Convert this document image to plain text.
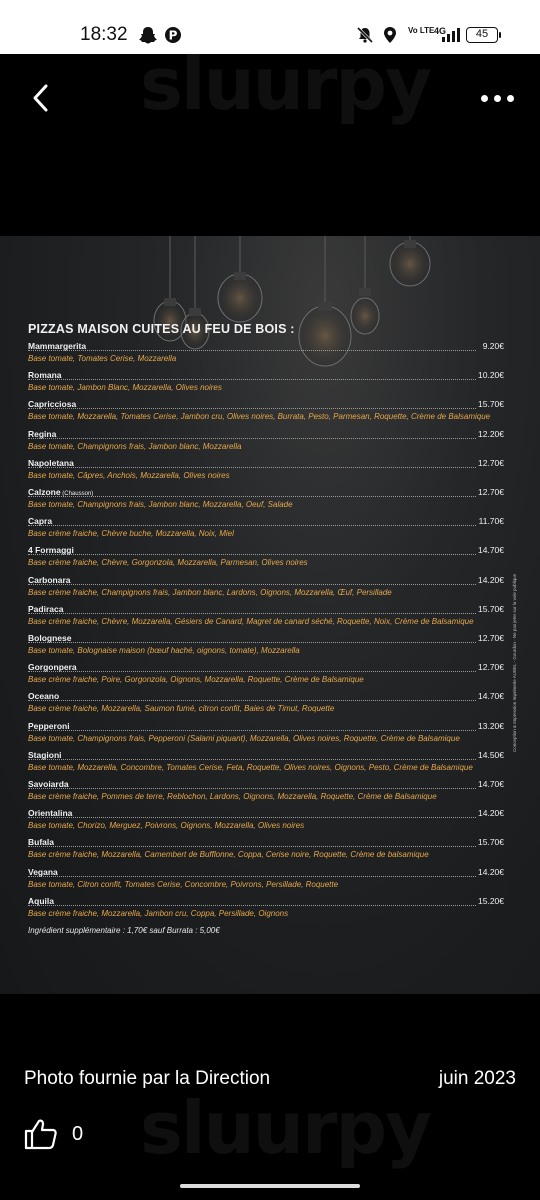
18:32	P	Vo LTE 4G	45
sluurpy
PIZZAS MAISON CUITES AU FEU DE BOIS :
Mammargerita	9.20€
Base tomate, Tomates Cerise, Mozzarella
Romana	10.20€
Base tomate, Jambon Blanc, Mozzarella, Olives noires
Capricciosa	15.70€
Base tomate, Mozzarella, Tomates Cerise, Jambon cru, Olives noires, Burrata, Pesto, Parmesan, Roquette, Crème de Balsamique
Regina	12.20€
Base tomate, Champignons frais, Jambon blanc, Mozzarella
Napoletana	12.70€
Base tomate, Câpres, Anchois, Mozzarella, Olives noires
Calzone (Chausson)	12.70€
Base tomate, Champignons frais, Jambon blanc, Mozzarella, Oeuf, Salade
Capra	11.70€
Base crème fraiche, Chèvre buche, Mozzarella, Noix, Miel
4 Formaggi	14.70€
Base crème fraiche, Chèvre, Gorgonzola, Mozzarella, Parmesan, Olives noires
Carbonara	14.20€
Base crème fraiche, Champignons frais, Jambon blanc, Lardons, Oignons, Mozzarella, Œuf, Persillade
Padiraca	15.70€
Base crème fraiche, Chèvre, Mozzarella, Gésiers de Canard, Magret de canard séché, Roquette, Noix, Crème de Balsamique
Bolognese	12.70€
Base tomate, Bolognaise maison (bœuf haché, oignons, tomate), Mozzarella
Gorgonpera	12.70€
Base crème fraiche, Poire, Gorgonzola, Oignons, Mozzarella, Roquette, Crème de Balsamique
Oceano	14.70€
Base crème fraiche, Mozzarella, Saumon fumé, citron confit, Baies de Timut, Roquette
Pepperoni	13.20€
Base tomate, Champignons frais, Pepperoni (Salami piquant), Mozzarella, Olives noires, Roquette, Crème de Balsamique
Stagioni	14.50€
Base tomate, Mozzarella, Concombre, Tomates Cerise, Feta, Roquette, Olives noires, Oignons, Pesto, Crème de Balsamique
Savoiarda	14.70€
Base crème fraiche, Pommes de terre, Reblochon, Lardons, Oignons, Mozzarella, Roquette, Crème de Balsamique
Orientalina	14.20€
Base tomate, Chorizo, Merguez, Poivrons, Oignons, Mozzarella, Olives noires
Bufala	15.70€
Base crème fraiche, Mozzarella, Camembert de Bufflonne, Coppa, Cerise noire, Roquette, Crème de balsamique
Vegana	14.20€
Base tomate, Citron confit, Tomates Cerise, Concombre, Poivrons, Persillade, Roquette
Aquila	15.20€
Base crème fraiche, Mozzarella, Jambon cru, Coppa, Persillade, Oignons
Ingrédient supplémentaire : 1,70€ sauf Burrata : 5,00€
Conception & Impression Imprimerie AUBEL - Gourdon - Ne pas jeter sur la voie publique
sluurpy
Photo fournie par la Direction	juin 2023
0
